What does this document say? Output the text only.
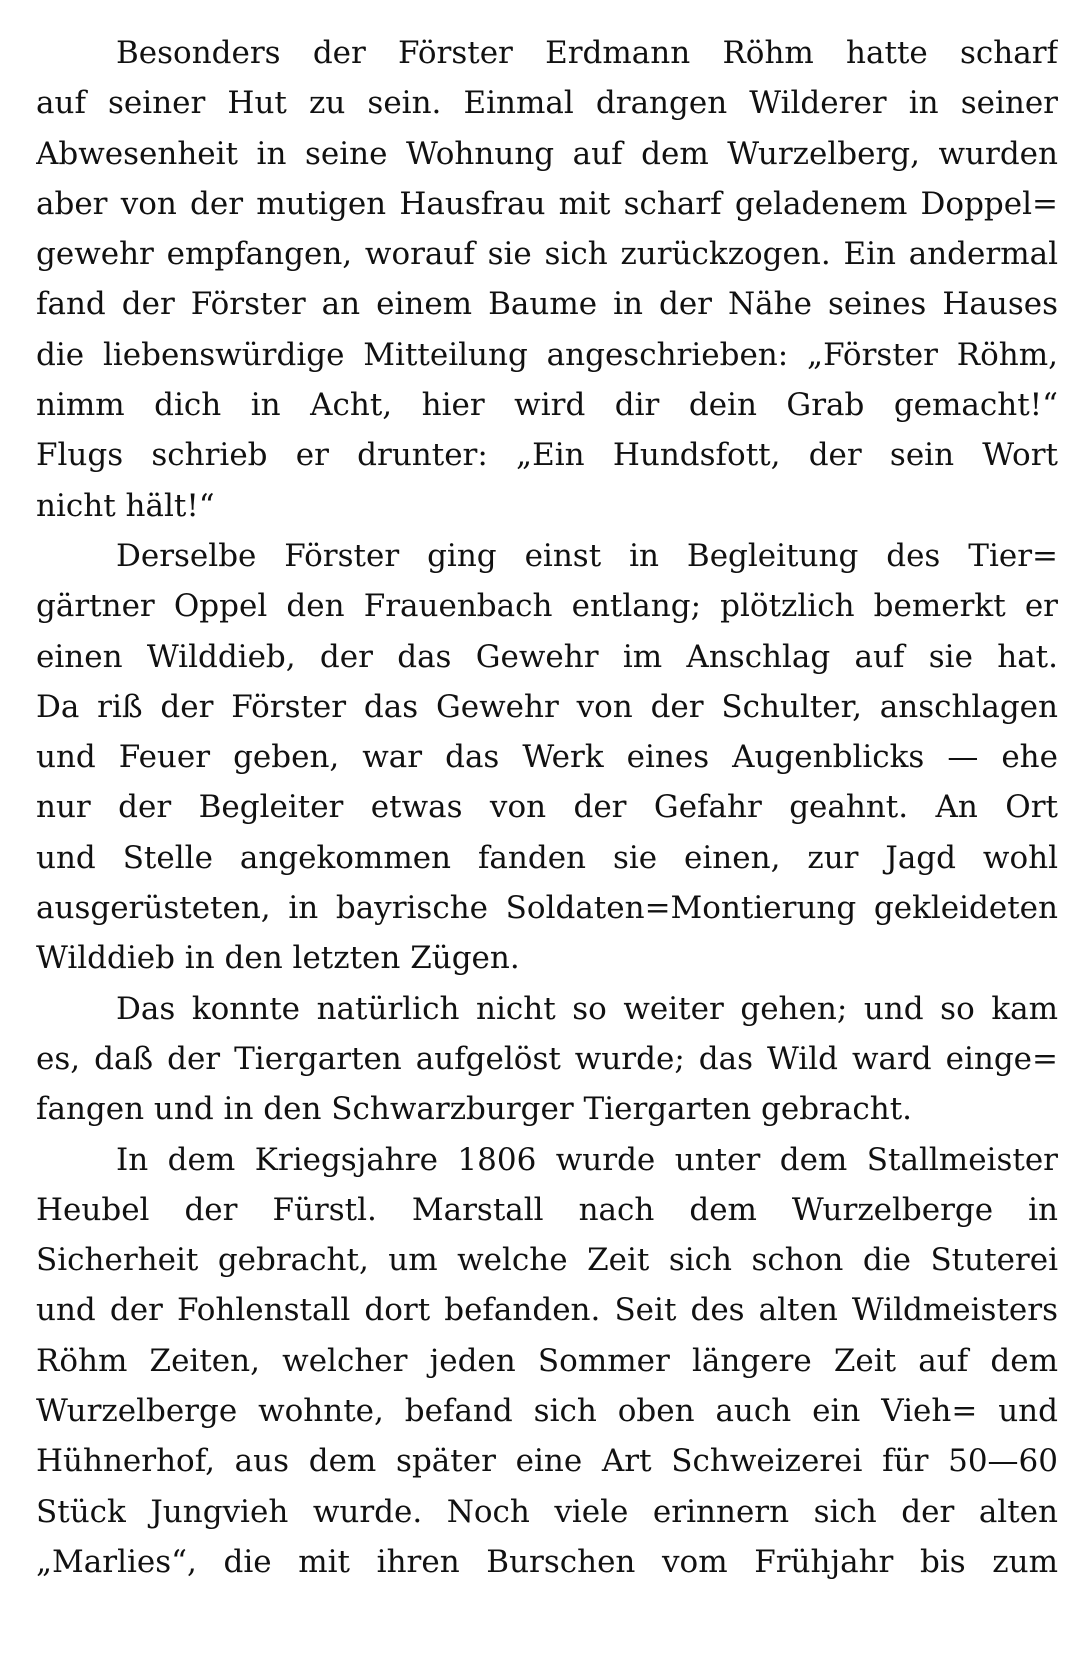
Besonders der Förster Erdmann Röhm hatte scharf
auf seiner Hut zu sein. Einmal drangen Wilderer in seiner
Abwesenheit in seine Wohnung auf dem Wurzelberg, wurden
aber von der mutigen Hausfrau mit scharf geladenem Doppel=
gewehr empfangen, worauf sie sich zurückzogen. Ein andermal
fand der Förster an einem Baume in der Nähe seines Hauses
die liebenswürdige Mitteilung angeschrieben: „Förster Röhm,
nimm dich in Acht, hier wird dir dein Grab gemacht!“
Flugs schrieb er drunter: „Ein Hundsfott, der sein Wort
nicht hält!“
Derselbe Förster ging einst in Begleitung des Tier=
gärtner Oppel den Frauenbach entlang; plötzlich bemerkt er
einen Wilddieb, der das Gewehr im Anschlag auf sie hat.
Da riß der Förster das Gewehr von der Schulter, anschlagen
und Feuer geben, war das Werk eines Augenblicks — ehe
nur der Begleiter etwas von der Gefahr geahnt. An Ort
und Stelle angekommen fanden sie einen, zur Jagd wohl
ausgerüsteten, in bayrische Soldaten=Montierung gekleideten
Wilddieb in den letzten Zügen.
Das konnte natürlich nicht so weiter gehen; und so kam
es, daß der Tiergarten aufgelöst wurde; das Wild ward einge=
fangen und in den Schwarzburger Tiergarten gebracht.
In dem Kriegsjahre 1806 wurde unter dem Stallmeister
Heubel der Fürstl. Marstall nach dem Wurzelberge in
Sicherheit gebracht, um welche Zeit sich schon die Stuterei
und der Fohlenstall dort befanden. Seit des alten Wildmeisters
Röhm Zeiten, welcher jeden Sommer längere Zeit auf dem
Wurzelberge wohnte, befand sich oben auch ein Vieh= und
Hühnerhof, aus dem später eine Art Schweizerei für 50—60
Stück Jungvieh wurde. Noch viele erinnern sich der alten
„Marlies“, die mit ihren Burschen vom Frühjahr bis zum
